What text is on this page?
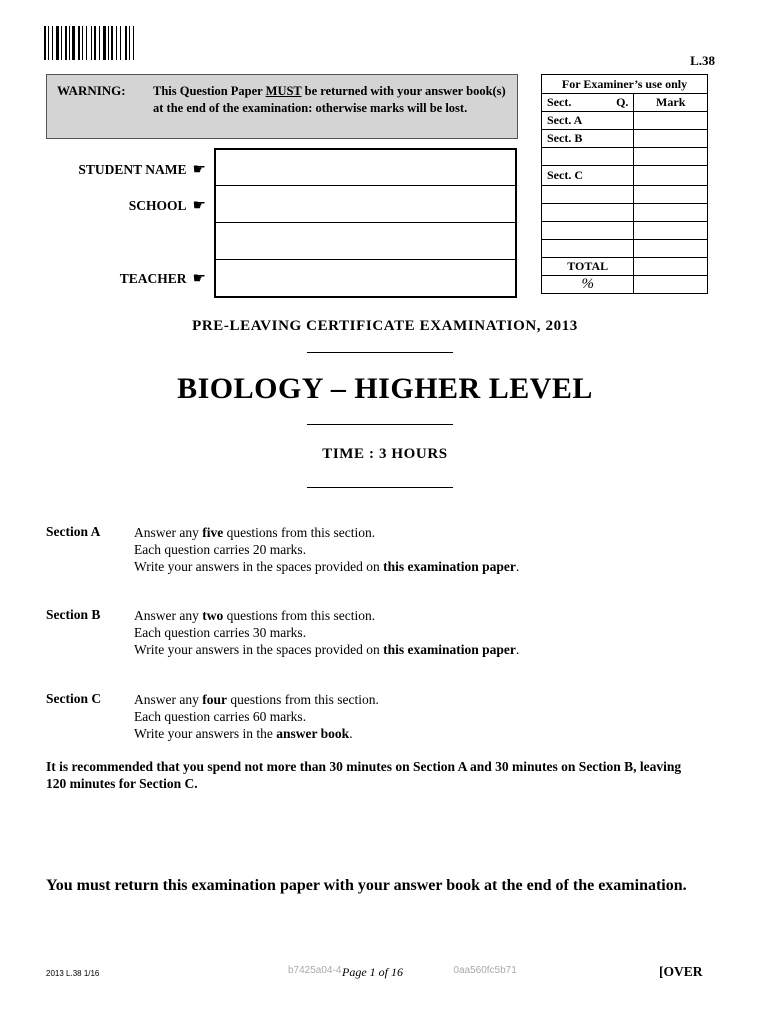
L.38
WARNING: This Question Paper MUST be returned with your answer book(s) at the end of the examination: otherwise marks will be lost.
For Examiner’s use only	
Sect. Q.	Mark
Sect. A	
Sect. B	

Sect. C	

TOTAL	
%	
STUDENT NAME ☛
SCHOOL ☛
TEACHER ☛
PRE-LEAVING CERTIFICATE EXAMINATION, 2013
BIOLOGY – HIGHER LEVEL
TIME : 3 HOURS
Section A Answer any five questions from this section.
Each question carries 20 marks.
Write your answers in the spaces provided on this examination paper.
Section B Answer any two questions from this section.
Each question carries 30 marks.
Write your answers in the spaces provided on this examination paper.
Section C Answer any four questions from this section.
Each question carries 60 marks.
Write your answers in the answer book.
It is recommended that you spend not more than 30 minutes on Section A and 30 minutes on Section B, leaving 120 minutes for Section C.
You must return this examination paper with your answer book at the end of the examination.
2013 L.38 1/16	b7425a04-4	0aa560fc5b71
Page 1 of 16	[OVER
